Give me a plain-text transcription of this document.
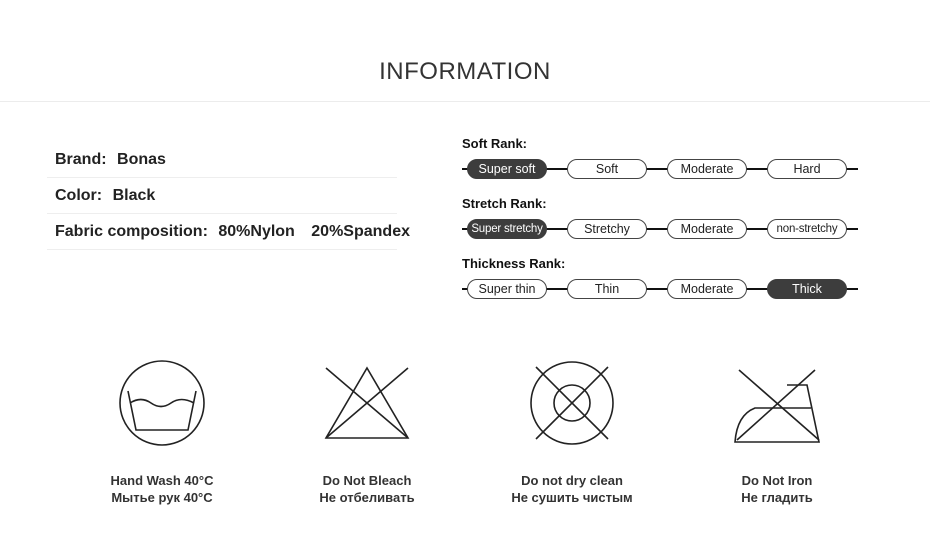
INFORMATION
Brand: Bonas
Color: Black
Fabric composition: 80%Nylon 20%Spandex
Soft Rank:
Super soft	Soft	Moderate	Hard
Stretch Rank:
Super stretchy	Stretchy	Moderate	non-stretchy
Thickness Rank:
Super thin	Thin	Moderate	Thick
Hand Wash 40°C
Мытье рук 40°C
Do Not Bleach
Не отбеливать
Do not dry clean
Не сушить чистым
Do Not Iron
Не гладить
